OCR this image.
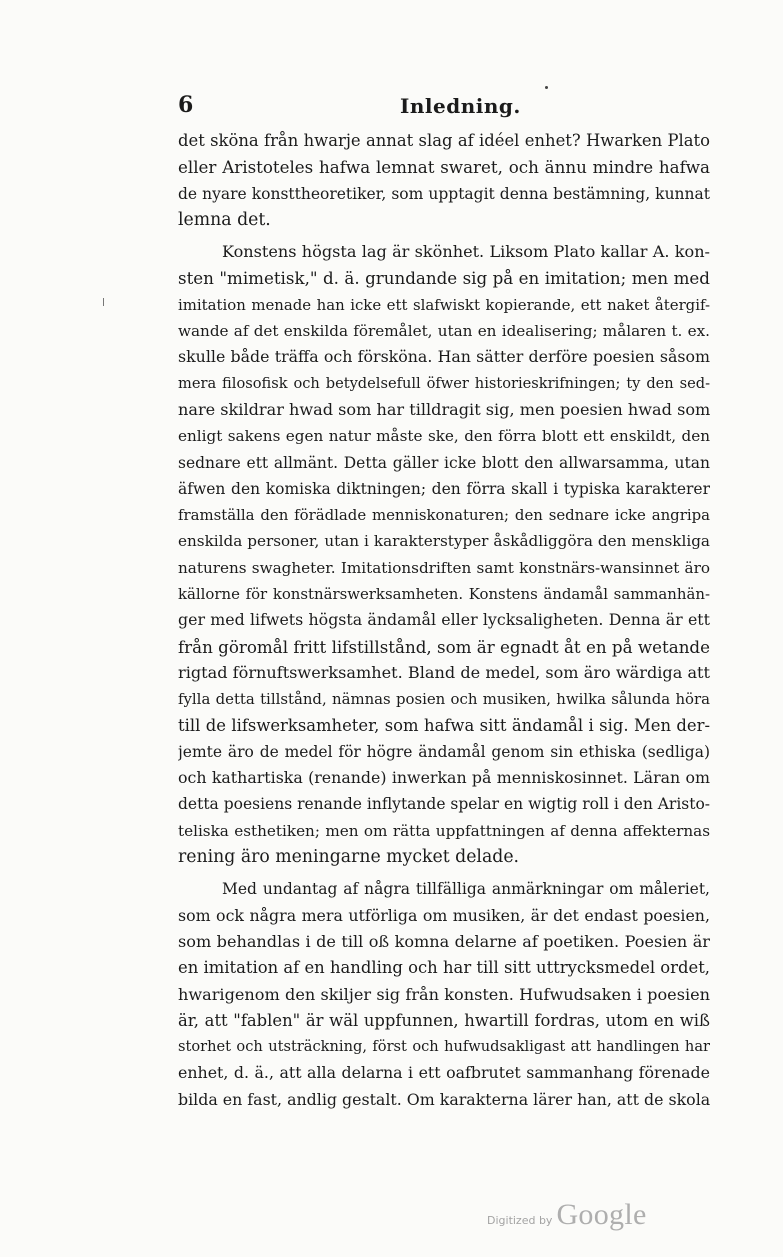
6	Inledning.
det sköna från hwarje annat slag af idéel enhet? Hwarken Plato
eller Aristoteles hafwa lemnat swaret, och ännu mindre hafwa
de nyare konsttheoretiker, som upptagit denna bestämning, kunnat
lemna det.
Konstens högsta lag är skönhet. Liksom Plato kallar A. kon-
sten "mimetisk," d. ä. grundande sig på en imitation; men med
imitation menade han icke ett slafwiskt kopierande, ett naket återgif-
wande af det enskilda föremålet, utan en idealisering; målaren t. ex.
skulle både träffa och försköna. Han sätter derföre poesien såsom
mera filosofisk och betydelsefull öfwer historieskrifningen; ty den sed-
nare skildrar hwad som har tilldragit sig, men poesien hwad som
enligt sakens egen natur måste ske, den förra blott ett enskildt, den
sednare ett allmänt. Detta gäller icke blott den allwarsamma, utan
äfwen den komiska diktningen; den förra skall i typiska karakterer
framställa den förädlade menniskonaturen; den sednare icke angripa
enskilda personer, utan i karakterstyper åskådliggöra den menskliga
naturens swagheter. Imitationsdriften samt konstnärs-wansinnet äro
källorne för konstnärswerksamheten. Konstens ändamål sammanhän-
ger med lifwets högsta ändamål eller lycksaligheten. Denna är ett
från göromål fritt lifstillstånd, som är egnadt åt en på wetande
rigtad förnuftswerksamhet. Bland de medel, som äro wärdiga att
fylla detta tillstånd, nämnas posien och musiken, hwilka sålunda höra
till de lifswerksamheter, som hafwa sitt ändamål i sig. Men der-
jemte äro de medel för högre ändamål genom sin ethiska (sedliga)
och kathartiska (renande) inwerkan på menniskosinnet. Läran om
detta poesiens renande inflytande spelar en wigtig roll i den Aristo-
teliska esthetiken; men om rätta uppfattningen af denna affekternas
rening äro meningarne mycket delade.
Med undantag af några tillfälliga anmärkningar om måleriet,
som ock några mera utförliga om musiken, är det endast poesien,
som behandlas i de till oß komna delarne af poetiken. Poesien är
en imitation af en handling och har till sitt uttrycksmedel ordet,
hwarigenom den skiljer sig från konsten. Hufwudsaken i poesien
är, att "fablen" är wäl uppfunnen, hwartill fordras, utom en wiß
storhet och utsträckning, först och hufwudsakligast att handlingen har
enhet, d. ä., att alla delarna i ett oafbrutet sammanhang förenade
bilda en fast, andlig gestalt. Om karakterna lärer han, att de skola
Digitized by Google
